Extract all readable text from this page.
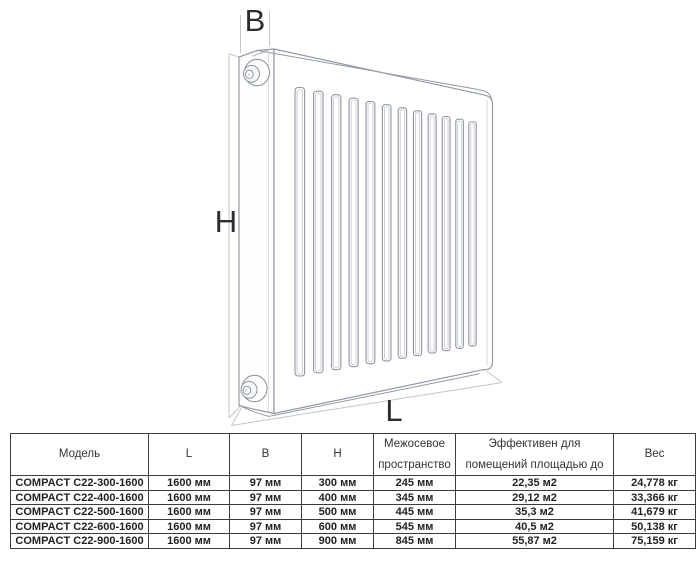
B
H
L
Модель	L	B	H	Межосевое пространство	Эффективен для помещений площадью до	Вес
COMPACT C22-300-1600	1600 мм	97 мм	300 мм	245 мм	22,35 м2	24,778 кг
COMPACT C22-400-1600	1600 мм	97 мм	400 мм	345 мм	29,12 м2	33,366 кг
COMPACT C22-500-1600	1600 мм	97 мм	500 мм	445 мм	35,3 м2	41,679 кг
COMPACT C22-600-1600	1600 мм	97 мм	600 мм	545 мм	40,5 м2	50,138 кг
COMPACT C22-900-1600	1600 мм	97 мм	900 мм	845 мм	55,87 м2	75,159 кг
